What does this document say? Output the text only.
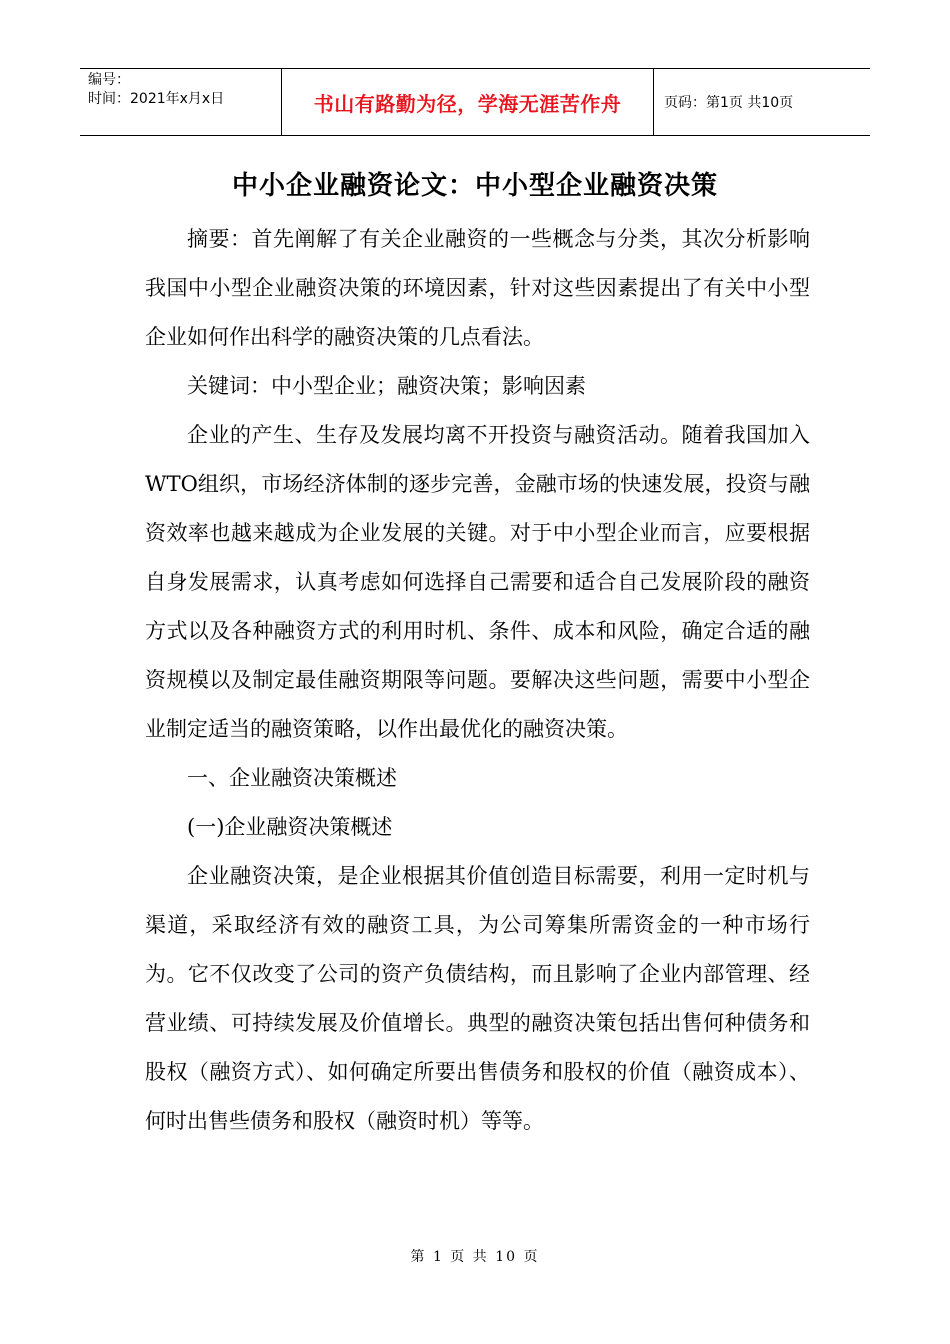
编号：
时间：2021年x月x日	书山有路勤为径，学海无涯苦作舟	页码：第1页 共10页
中小企业融资论文：中小型企业融资决策

摘要：首先阐解了有关企业融资的一些概念与分类，其次分析影响我国中小型企业融资决策的环境因素，针对这些因素提出了有关中小型企业如何作出科学的融资决策的几点看法。

关键词：中小型企业；融资决策；影响因素

企业的产生、生存及发展均离不开投资与融资活动。随着我国加入WTO组织，市场经济体制的逐步完善，金融市场的快速发展，投资与融资效率也越来越成为企业发展的关键。对于中小型企业而言，应要根据自身发展需求，认真考虑如何选择自己需要和适合自己发展阶段的融资方式以及各种融资方式的利用时机、条件、成本和风险，确定合适的融资规模以及制定最佳融资期限等问题。要解决这些问题，需要中小型企业制定适当的融资策略，以作出最优化的融资决策。

一、企业融资决策概述

(一)企业融资决策概述

企业融资决策，是企业根据其价值创造目标需要，利用一定时机与渠道，采取经济有效的融资工具，为公司筹集所需资金的一种市场行为。它不仅改变了公司的资产负债结构，而且影响了企业内部管理、经营业绩、可持续发展及价值增长。典型的融资决策包括出售何种债务和股权（融资方式）、如何确定所要出售债务和股权的价值（融资成本）、何时出售些债务和股权（融资时机）等等。

第 1 页 共 10 页
